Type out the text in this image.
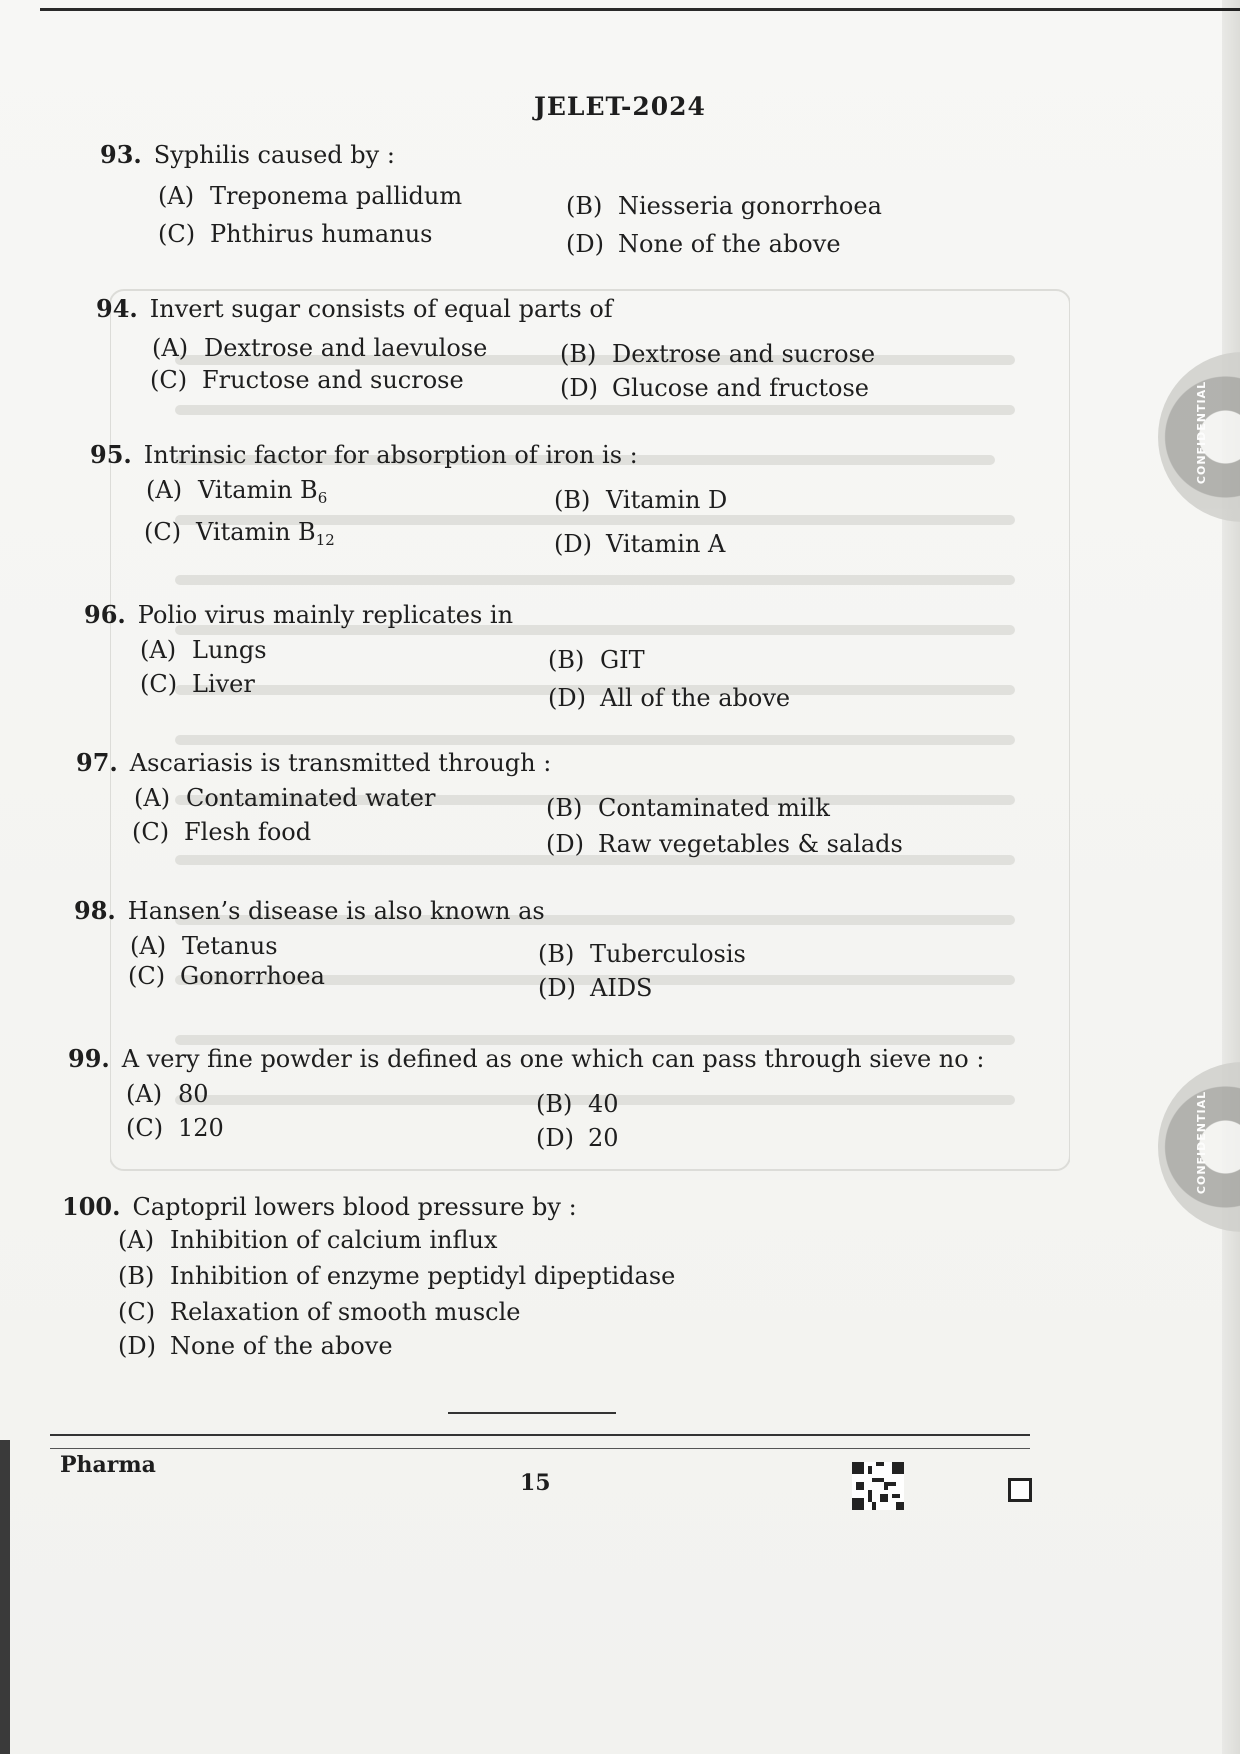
JELET-2024
93. Syphilis caused by :
(A) Treponema pallidum	(B) Niesseria gonorrhoea
(C) Phthirus humanus	(D) None of the above
94. Invert sugar consists of equal parts of
(A) Dextrose and laevulose	(B) Dextrose and sucrose
(C) Fructose and sucrose	(D) Glucose and fructose
95. Intrinsic factor for absorption of iron is :
(A) Vitamin $B_6$	(B) Vitamin D
(C) Vitamin $B_{12}$	(D) Vitamin A
96. Polio virus mainly replicates in
(A) Lungs	(B) GIT
(C) Liver	(D) All of the above
97. Ascariasis is transmitted through :
(A) Contaminated water	(B) Contaminated milk
(C) Flesh food	(D) Raw vegetables & salads
98. Hansen’s disease is also known as
(A) Tetanus	(B) Tuberculosis
(C) Gonorrhoea	(D) AIDS
99. A very fine powder is defined as one which can pass through sieve no :
(A) 80	(B) 40
(C) 120	(D) 20
100. Captopril lowers blood pressure by :
(A) Inhibition of calcium influx
(B) Inhibition of enzyme peptidyl dipeptidase
(C) Relaxation of smooth muscle
(D) None of the above
CONFIDENTIAL
CONFIDENTIAL
Pharma
15
